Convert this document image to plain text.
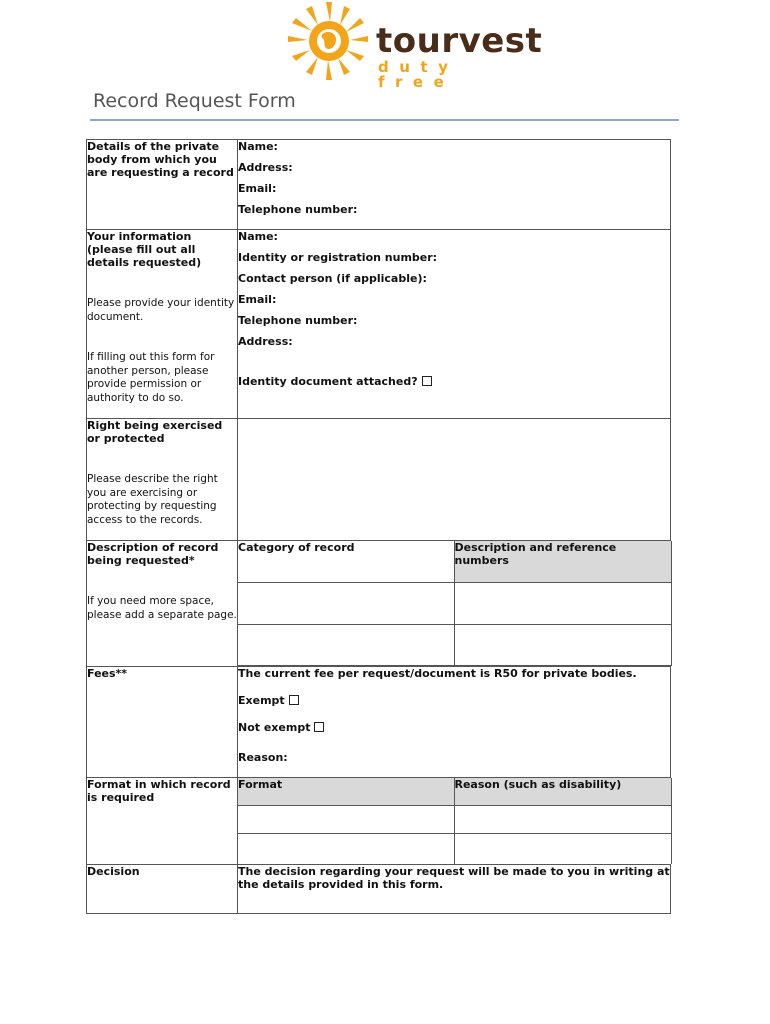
tourvest
duty free
Record Request Form
Details of the private body from which you are requesting a record

Name:
Address:
Email:
Telephone number:

Your information (please fill out all details requested)
Please provide your identity document.
If filling out this form for another person, please provide permission or authority to do so.

Name:
Identity or registration number:
Contact person (if applicable):
Email:
Telephone number:
Address:
Identity document attached?

Right being exercised or protected
Please describe the right you are exercising or protecting by requesting access to the records.

Description of record being requested*
If you need more space, please add a separate page.

Category of record	Description and reference numbers

Fees**	The current fee per request/document is R50 for private bodies.
Exempt
Not exempt
Reason:

Format in which record is required

Format	Reason (such as disability)

Decision	The decision regarding your request will be made to you in writing at the details provided in this form.
